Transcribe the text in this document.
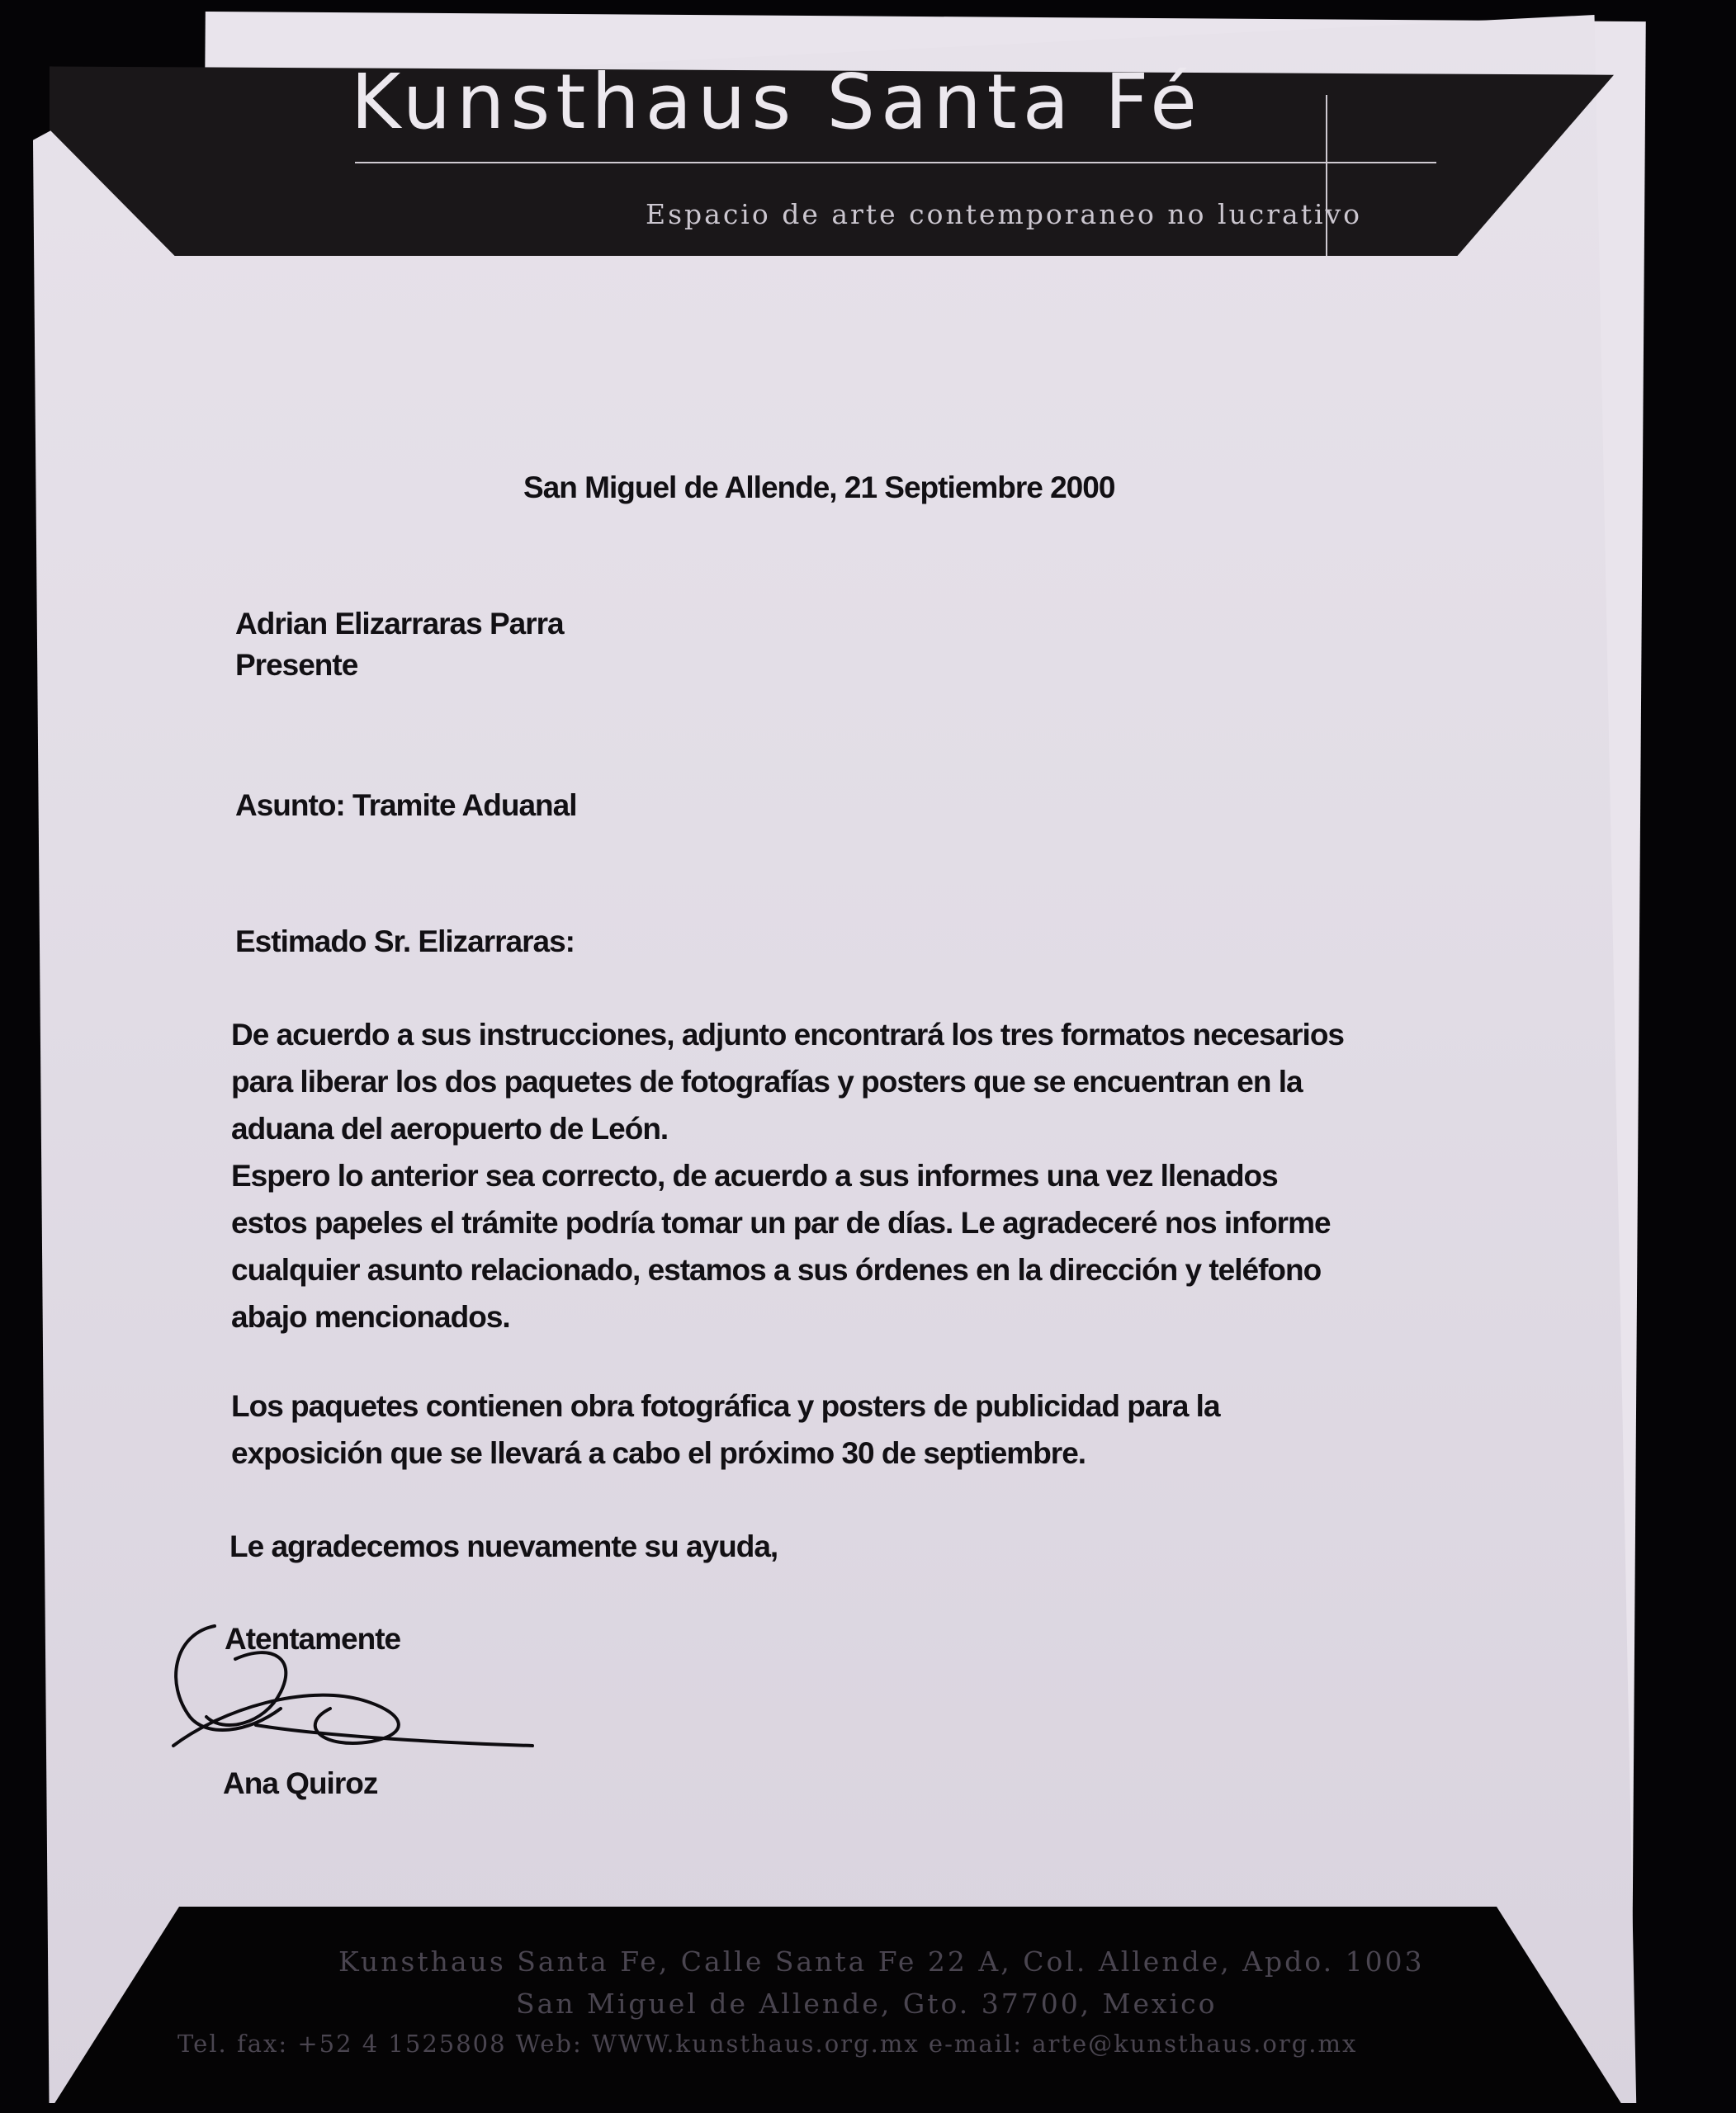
Kunsthaus Santa Fé
Espacio de arte contemporaneo no lucrativo
San Miguel de Allende, 21 Septiembre 2000
Adrian Elizarraras Parra
Presente
Asunto: Tramite Aduanal
Estimado Sr. Elizarraras:
De acuerdo a sus instrucciones, adjunto encontrará los tres formatos necesarios
para liberar los dos paquetes de fotografías y posters que se encuentran en la
aduana del aeropuerto de León.
Espero lo anterior sea correcto, de acuerdo a sus informes una vez llenados
estos papeles el trámite podría tomar un par de días. Le agradeceré nos informe
cualquier asunto relacionado, estamos a sus órdenes en la dirección y teléfono
abajo mencionados.
Los paquetes contienen obra fotográfica y posters de publicidad para la
exposición que se llevará a cabo el próximo 30 de septiembre.
Le agradecemos nuevamente su ayuda,
Atentamente
Ana Quiroz
Kunsthaus Santa Fe, Calle Santa Fe 22 A, Col. Allende, Apdo. 1003
San Miguel de Allende, Gto. 37700, Mexico
Tel. fax: +52 4 1525808 Web: WWW.kunsthaus.org.mx e-mail: arte@kunsthaus.org.mx
